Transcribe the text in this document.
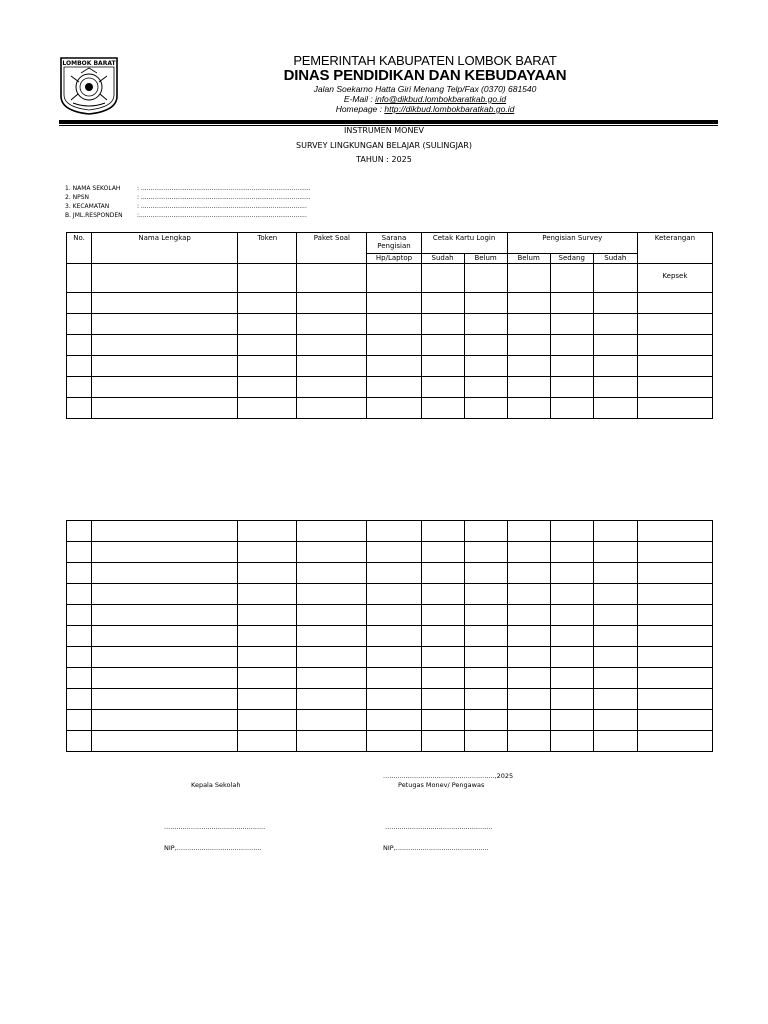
LOMBOK BARAT	PEMERINTAH KABUPATEN LOMBOK BARAT
DINAS PENDIDIKAN DAN KEBUDAYAAN
Jalan Soekarno Hatta Giri Menang Telp/Fax (0370) 681540
E-Mail : info@dikbud.lombokbaratkab.go.id
Homepage : http://dikbud.lombokbaratkab.go.id
INSTRUMEN MONEV
SURVEY LINGKUNGAN BELAJAR (SULINGJAR)
TAHUN : 2025
1. NAMA SEKOLAH	: .........................................................................................
2. NPSN	: .........................................................................................
3. KECAMATAN	: .......................................................................................
B. JML.RESPONDEN :........................................................................................
No.	Nama Lengkap	Token	Paket Soal	Sarana Pengisian	Cetak Kartu Login		Pengisian Survey			Keterangan
				Hp/Laptop	Sudah	Belum	Belum	Sedang	Sudah	
										Kepsek

......................................................,2025
Kepala Sekolah	Petugas Monev/ Pengawas
.................................................	....................................................
NIP,.........................................	NIP,.............................................
